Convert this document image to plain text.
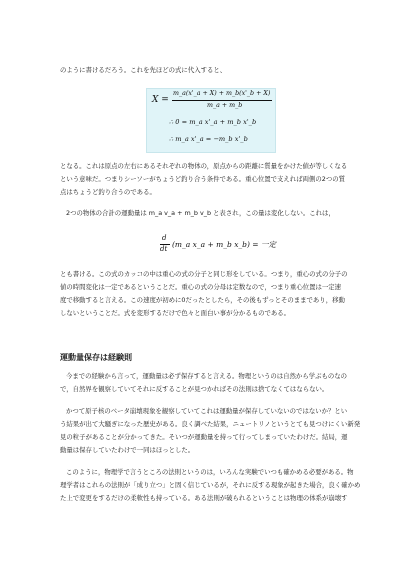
のように書けるだろう。これを先ほどの式に代入すると、

X =
m_a(x'_a + X) + m_b(x'_b + X)
m_a + m_b
∴ 0 = m_a x'_a + m_b x'_b
∴ m_a x'_a = −m_b x'_b

となる。これは原点の左右にあるそれぞれの物体の，原点からの距離に質量をかけた値が等しくなる
という意味だ。つまりシーソーがちょうど釣り合う条件である。重心位置で支えれば両側の2つの質
点はちょうど釣り合うのである。

2つの物体の合計の運動量は m_a v_a + m_b v_b と表され，この量は変化しない。これは，

d
dt (m_a x_a + m_b x_b) = 一定

とも書ける。この式のカッコの中は重心の式の分子と同じ形をしている。つまり，重心の式の分子の
値の時間変化は一定であるということだ。重心の式の分母は定数なので，つまり重心位置は一定速
度で移動すると言える。この速度が初めに0だったとしたら，その後もずっとそのままであり，移動
しないということだ。式を変形するだけで色々と面白い事が分かるものである。

運動量保存は経験則

今までの経験から言って，運動量は必ず保存すると言える。物理というのは自然から学ぶものなの
で，自然界を観察していてそれに反することが見つかればその法則は捨てなくてはならない。

かつて原子核のベータ崩壊現象を観察していてこれは運動量が保存していないのではないか？とい
う結果が出て大騒ぎになった歴史がある。良く調べた結果，ニュートリノというとても見つけにくい新発
見の粒子があることが分かってきた。そいつが運動量を持って行ってしまっていたわけだ。結局，運
動量は保存していたわけで一同はほっとした。

このように，物理学で言うところの法則というのは，いろんな実験でいつも確かめる必要がある。物
理学者はこれらの法則が「成り立つ」と固く信じているが，それに反する現象が起きた場合，良く確かめ
た上で変更をするだけの柔軟性も持っている。ある法則が破られるということは物理の体系が崩壊す
